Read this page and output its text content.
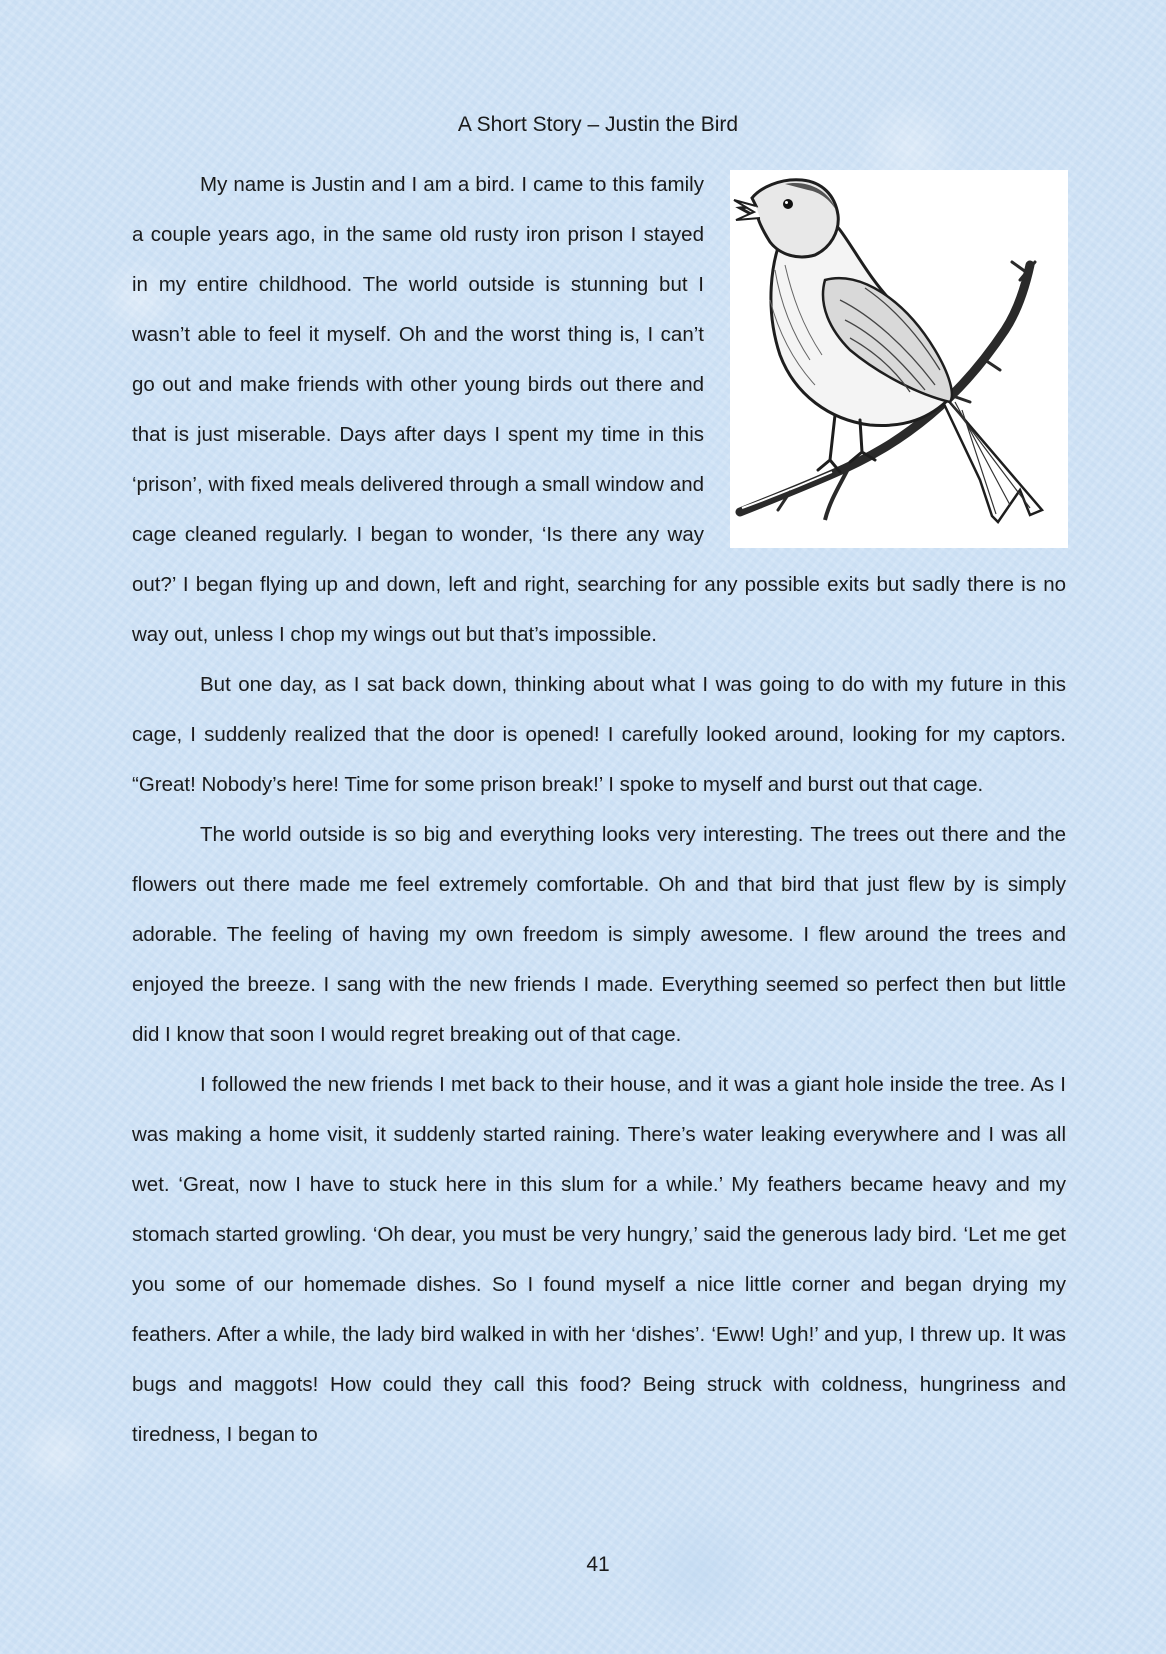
A Short Story – Justin the Bird

My name is Justin and I am a bird. I came to this family a couple years ago, in the same old rusty iron prison I stayed in my entire childhood. The world outside is stunning but I wasn’t able to feel it myself. Oh and the worst thing is, I can’t go out and make friends with other young birds out there and that is just miserable. Days after days I spent my time in this ‘prison’, with fixed meals delivered through a small window and cage cleaned regularly. I began to wonder, ‘Is there any way out?’ I began flying up and down, left and right, searching for any possible exits but sadly there is no way out, unless I chop my wings out but that’s impossible.

But one day, as I sat back down, thinking about what I was going to do with my future in this cage, I suddenly realized that the door is opened! I carefully looked around, looking for my captors. “Great! Nobody’s here! Time for some prison break!’ I spoke to myself and burst out that cage.

The world outside is so big and everything looks very interesting. The trees out there and the flowers out there made me feel extremely comfortable. Oh and that bird that just flew by is simply adorable. The feeling of having my own freedom is simply awesome. I flew around the trees and enjoyed the breeze. I sang with the new friends I made. Everything seemed so perfect then but little did I know that soon I would regret breaking out of that cage.

I followed the new friends I met back to their house, and it was a giant hole inside the tree. As I was making a home visit, it suddenly started raining. There’s water leaking everywhere and I was all wet. ‘Great, now I have to stuck here in this slum for a while.’ My feathers became heavy and my stomach started growling. ‘Oh dear, you must be very hungry,’ said the generous lady bird. ‘Let me get you some of our homemade dishes. So I found myself a nice little corner and began drying my feathers. After a while, the lady bird walked in with her ‘dishes’. ‘Eww! Ugh!’ and yup, I threw up. It was bugs and maggots! How could they call this food? Being struck with coldness, hungriness and tiredness, I began to

41
